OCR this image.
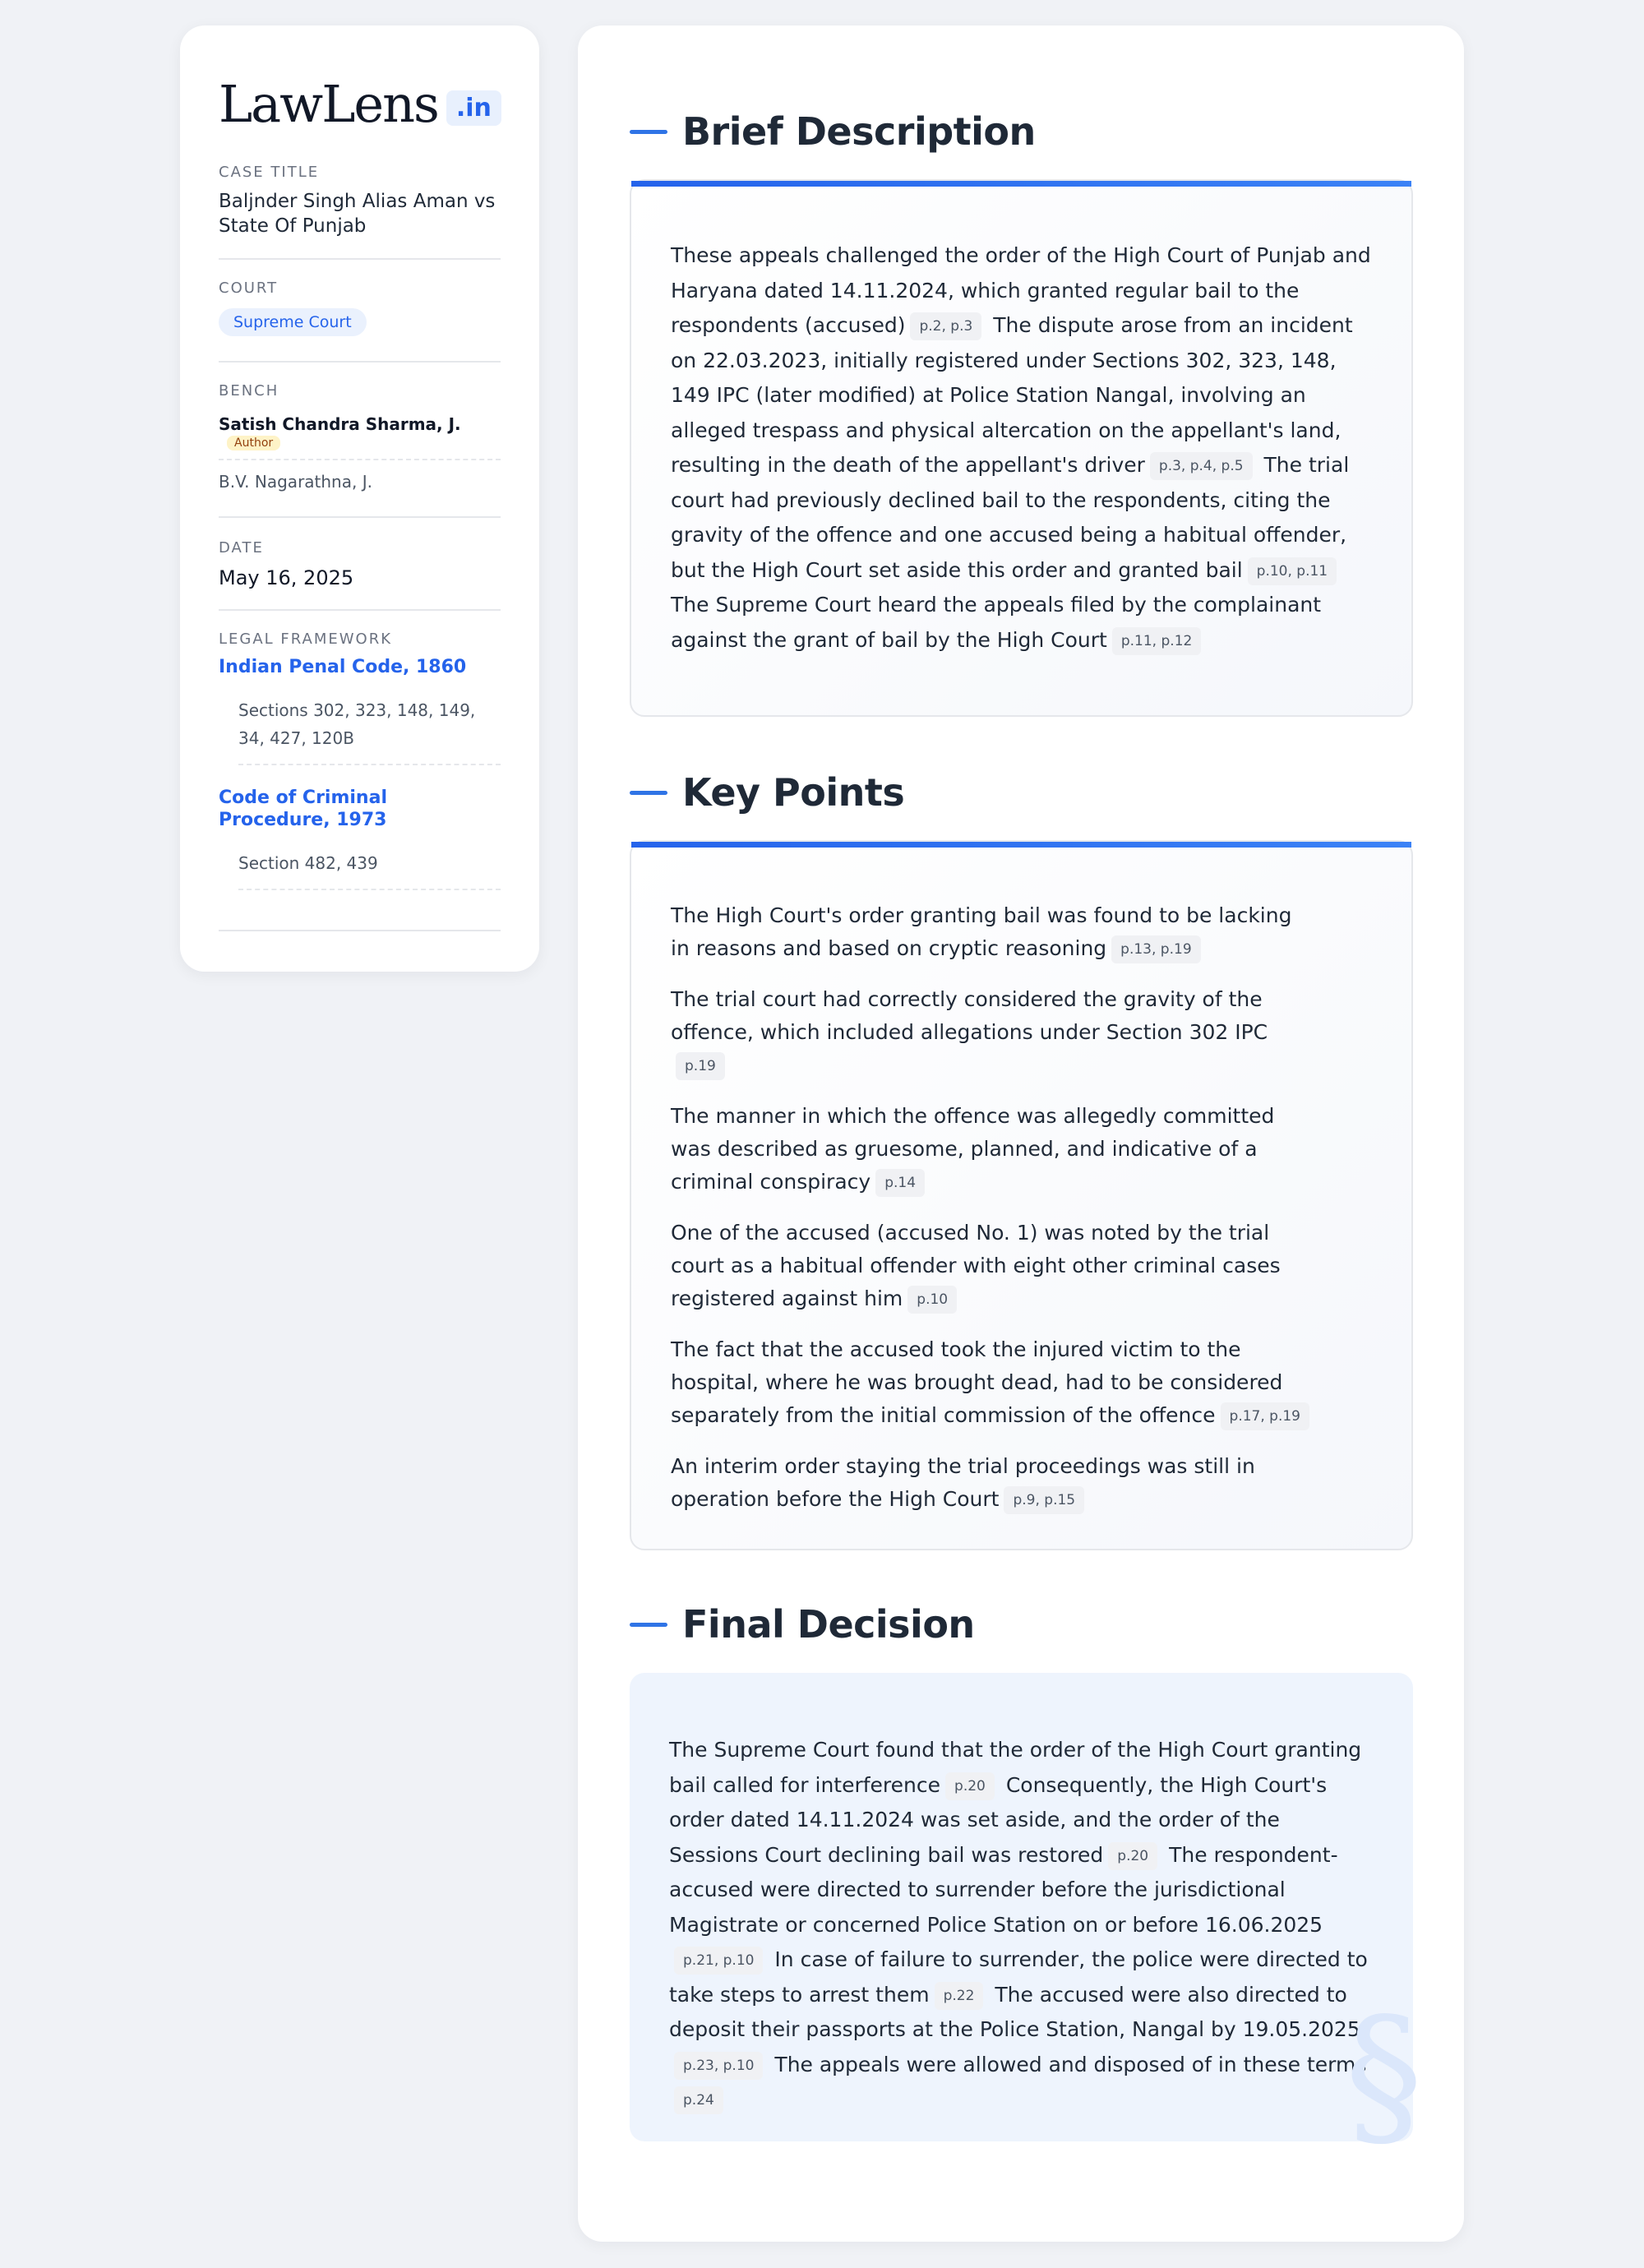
LawLens .in
CASE TITLE
Baljnder Singh Alias Aman vs State Of Punjab
COURT
Supreme Court
BENCH
Satish Chandra Sharma, J.
Author
B.V. Nagarathna, J.
DATE
May 16, 2025
LEGAL FRAMEWORK
Indian Penal Code, 1860
Sections 302, 323, 148, 149, 34, 427, 120B
Code of Criminal Procedure, 1973
Section 482, 439
Brief Description
These appeals challenged the order of the High Court of Punjab and Haryana dated 14.11.2024, which granted regular bail to the respondents (accused) p.2, p.3 The dispute arose from an incident on 22.03.2023, initially registered under Sections 302, 323, 148, 149 IPC (later modified) at Police Station Nangal, involving an alleged trespass and physical altercation on the appellant's land, resulting in the death of the appellant's driver p.3, p.4, p.5 The trial court had previously declined bail to the respondents, citing the gravity of the offence and one accused being a habitual offender, but the High Court set aside this order and granted bail p.10, p.11 The Supreme Court heard the appeals filed by the complainant against the grant of bail by the High Court p.11, p.12
Key Points

The High Court's order granting bail was found to be lacking in reasons and based on cryptic reasoning p.13, p.19

The trial court had correctly considered the gravity of the offence, which included allegations under Section 302 IPCp.19

The manner in which the offence was allegedly committed was described as gruesome, planned, and indicative of a criminal conspiracy p.14

One of the accused (accused No. 1) was noted by the trial court as a habitual offender with eight other criminal cases registered against him p.10

The fact that the accused took the injured victim to the hospital, where he was brought dead, had to be considered separately from the initial commission of the offence p.17, p.19

An interim order staying the trial proceedings was still in operation before the High Court p.9, p.15

Final Decision
The Supreme Court found that the order of the High Court granting bail called for interference p.20 Consequently, the High Court's order dated 14.11.2024 was set aside, and the order of the Sessions Court declining bail was restored p.20 The respondent-accused were directed to surrender before the jurisdictional Magistrate or concerned Police Station on or before 16.06.2025p.21, p.10 In case of failure to surrender, the police were directed to take steps to arrest them p.22 The accused were also directed to deposit their passports at the Police Station, Nangal by 19.05.2025p.23, p.10 The appeals were allowed and disposed of in these termsp.24	§
